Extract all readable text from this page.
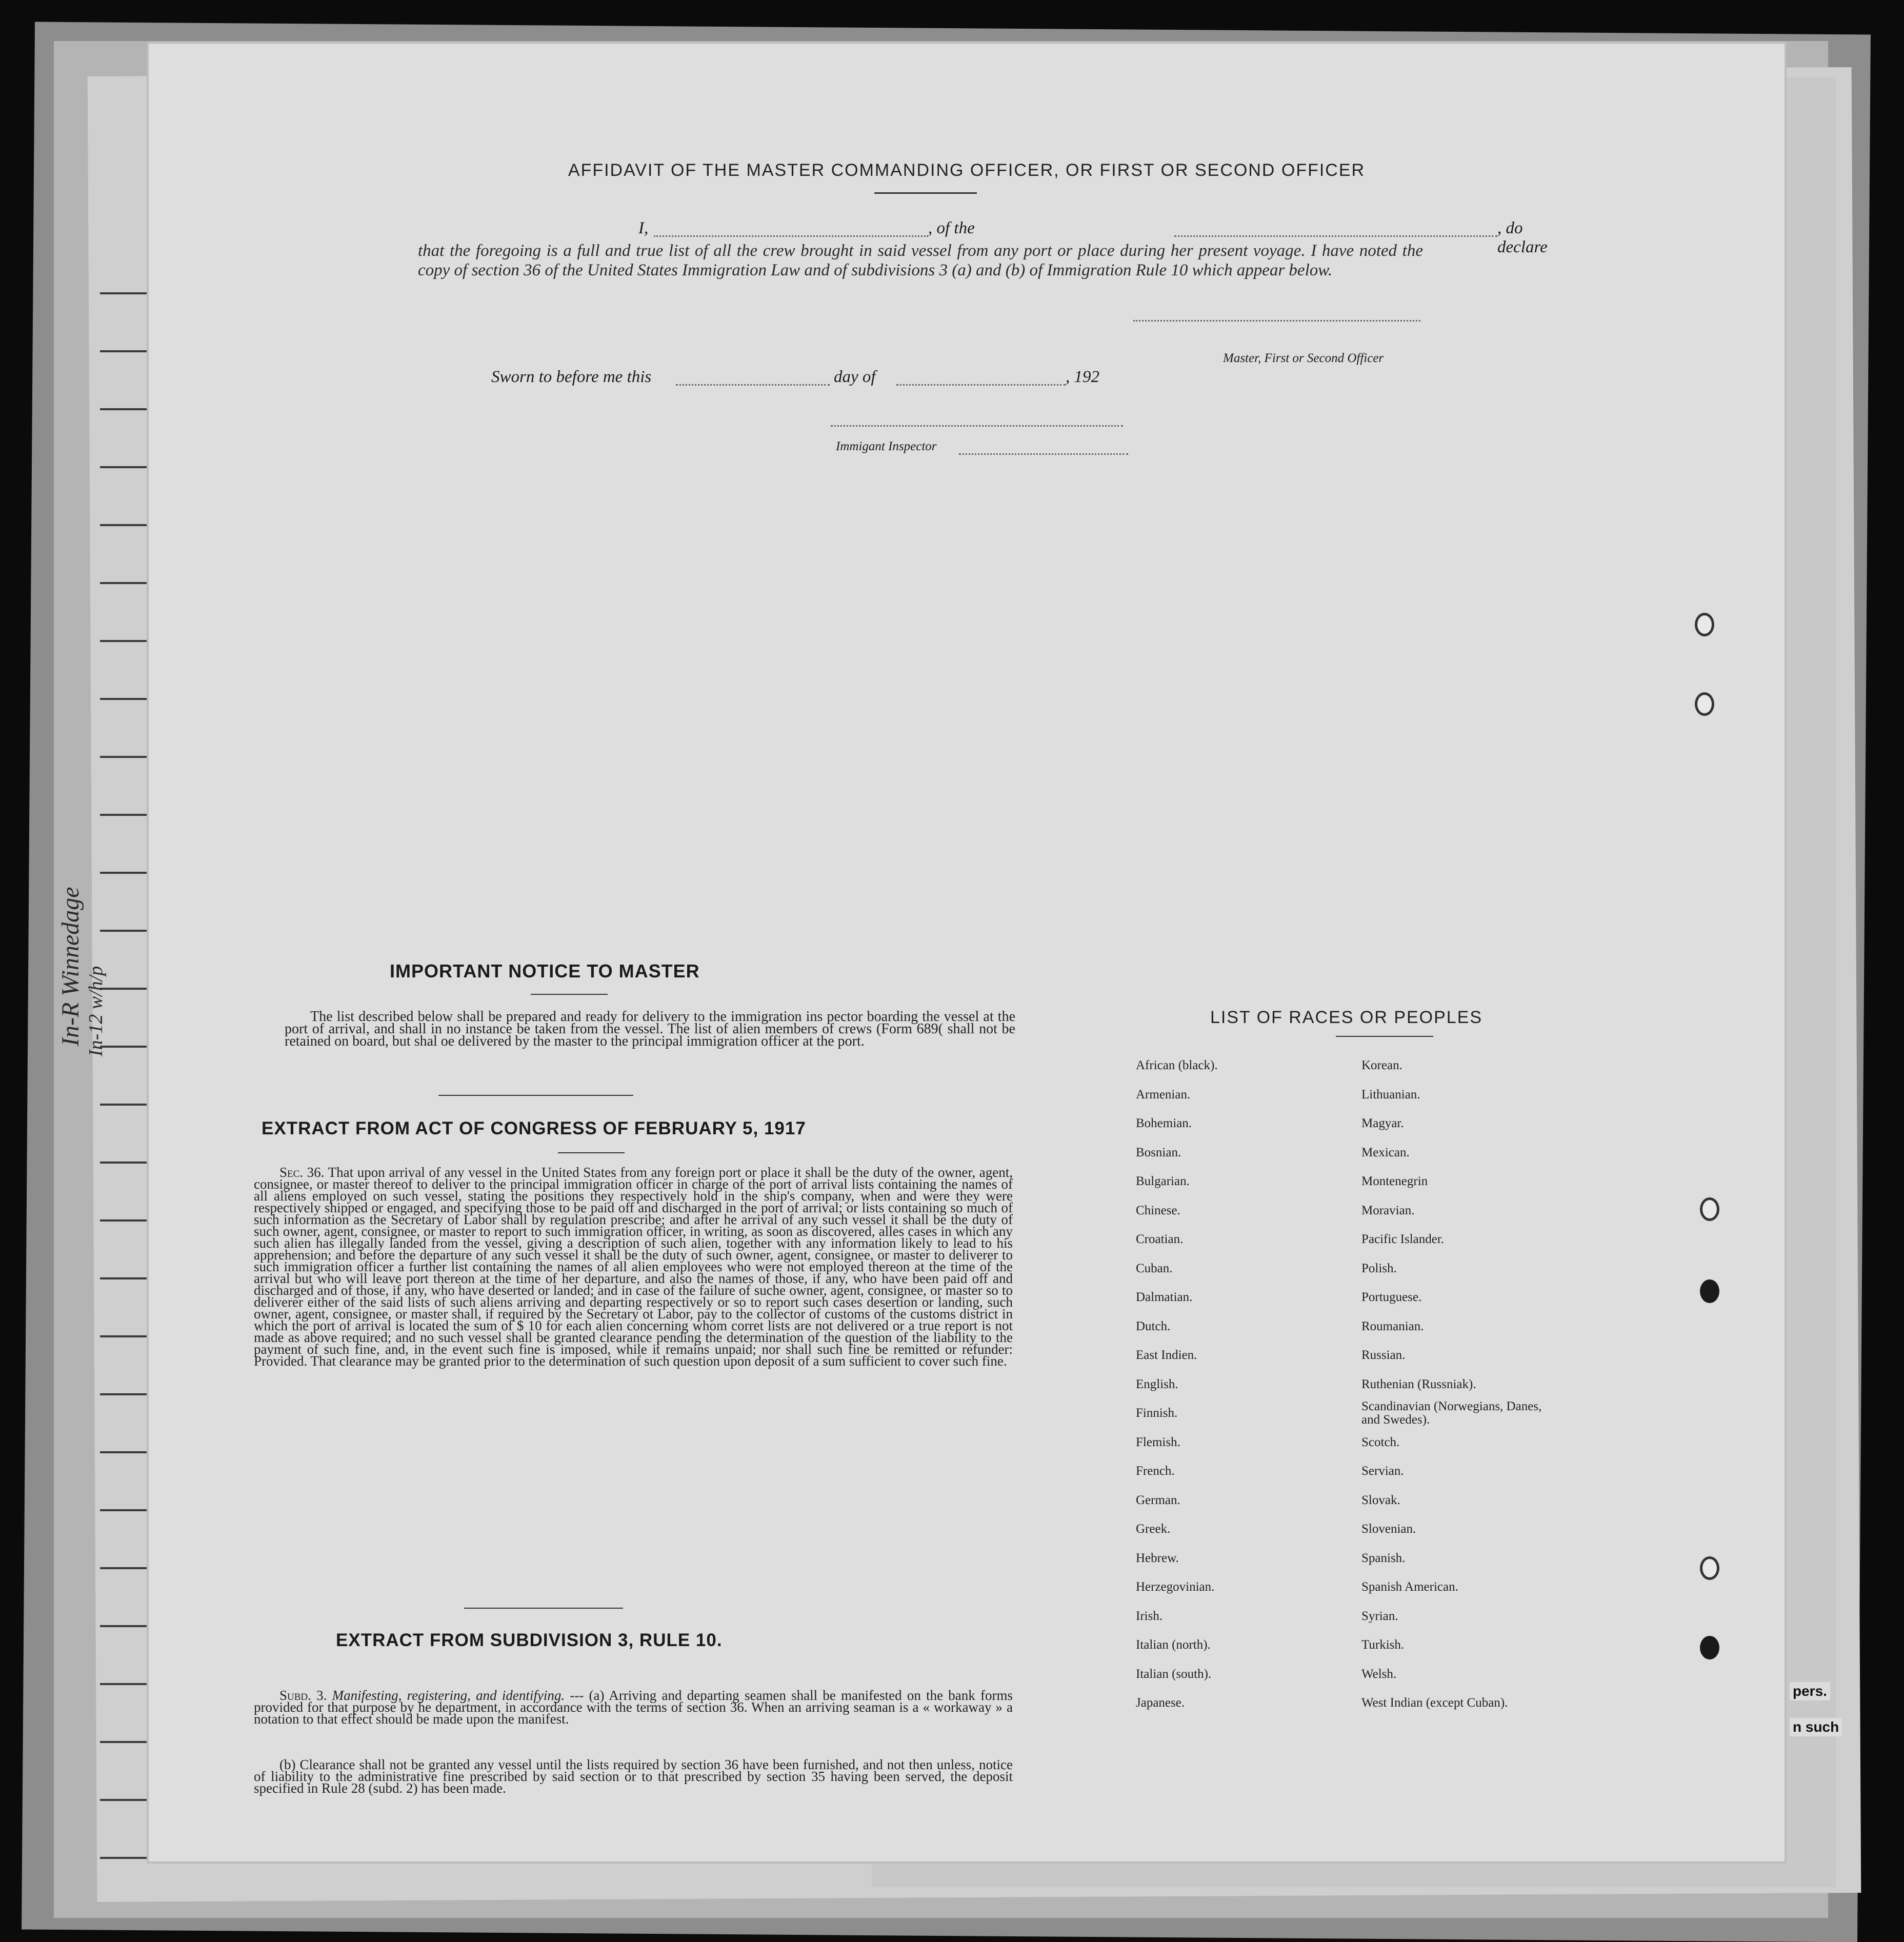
In-R Winnedage In-12 w/h/p
pers.
n such
AFFIDAVIT OF THE MASTER COMMANDING OFFICER, OR FIRST OR SECOND OFFICER
I,	, of the	, do declare
that the foregoing is a full and true list of all the crew brought in said vessel from any port or place during her present voyage. I have noted the copy of section 36 of the United States Immigration Law and of subdivisions 3 (a) and (b) of Immigration Rule 10 which appear below.
Master, First or Second Officer
Sworn to before me this	day of	, 192
Immigant Inspector
IMPORTANT NOTICE TO MASTER
The list described below shall be prepared and ready for delivery to the immigration ins pector boarding the vessel at the port of arrival, and shall in no instance be taken from the vessel. The list of alien members of crews (Form 689( shall not be retained on board, but shal oe delivered by the master to the principal immigration officer at the port.
EXTRACT FROM ACT OF CONGRESS OF FEBRUARY 5, 1917
Sec. 36. That upon arrival of any vessel in the United States from any foreign port or place it shall be the duty of the owner, agent, consignee, or master thereof to deliver to the principal immigration officer in charge of the port of arrival lists containing the names of all aliens employed on such vessel, stating the positions they respectively hold in the ship's company, when and were they were respectively shipped or engaged, and specifying those to be paid off and discharged in the port of arrival; or lists containing so much of such information as the Secretary of Labor shall by regulation prescribe; and after he arrival of any such vessel it shall be the duty of such owner, agent, consignee, or master to report to such immigration officer, in writing, as soon as discovered, alles cases in which any such alien has illegally landed from the vessel, giving a description of such alien, together with any information likely to lead to his apprehension; and before the departure of any such vessel it shall be the duty of such owner, agent, consignee, or master to deliverer to such immigration officer a further list containing the names of all alien employees who were not employed thereon at the time of the arrival but who will leave port thereon at the time of her departure, and also the names of those, if any, who have been paid off and discharged and of those, if any, who have deserted or landed; and in case of the failure of suche owner, agent, consignee, or master so to deliverer either of the said lists of such aliens arriving and departing respectively or so to report such cases desertion or landing, such owner, agent, consignee, or master shall, if required by the Secretary ot Labor, pay to the collector of customs of the customs district in which the port of arrival is located the sum of $ 10 for each alien concerning whom corret lists are not delivered or a true report is not made as above required; and no such vessel shall be granted clearance pending the determination of the question of the liability to the payment of such fine, and, in the event such fine is imposed, while it remains unpaid; nor shall such fine be remitted or refunder: Provided. That clearance may be granted prior to the determination of such question upon deposit of a sum sufficient to cover such fine.
EXTRACT FROM SUBDIVISION 3, RULE 10.
Subd. 3. Manifesting, registering, and identifying. --- (a) Arriving and departing seamen shall be manifested on the bank forms provided for that purpose by he department, in accordance with the terms of section 36. When an arriving seaman is a « workaway » a notation to that effect should be made upon the manifest.
(b) Clearance shall not be granted any vessel until the lists required by section 36 have been furnished, and not then unless, notice of liability to the administrative fine prescribed by said section or to that prescribed by section 35 having been served, the deposit specified in Rule 28 (subd. 2) has been made.
LIST OF RACES OR PEOPLES
African (black).	Korean.
Armenian.	Lithuanian.
Bohemian.	Magyar.
Bosnian.	Mexican.
Bulgarian.	Montenegrin
Chinese.	Moravian.
Croatian.	Pacific Islander.
Cuban.	Polish.
Dalmatian.	Portuguese.
Dutch.	Roumanian.
East Indien.	Russian.
English.	Ruthenian (Russniak).
Finnish.	Scandinavian (Norwegians, Danes, and Swedes).
Flemish.	Scotch.
French.	Servian.
German.	Slovak.
Greek.	Slovenian.
Hebrew.	Spanish.
Herzegovinian.	Spanish American.
Irish.	Syrian.
Italian (north).	Turkish.
Italian (south).	Welsh.
Japanese.	West Indian (except Cuban).
